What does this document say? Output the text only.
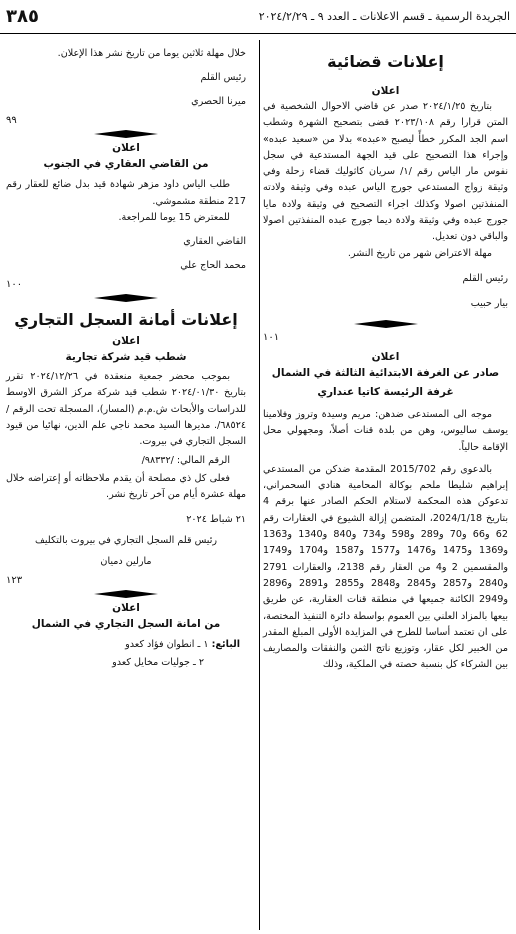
الجريدة الرسمية ـ قسم الاعلانات ـ العدد ٩ ـ ٢٠٢٤/٢/٢٩
٣٨٥
إعلانات قضائية
اعلان

بتاريخ ٢٠٢٤/١/٢٥ صدر عن قاضي الاحوال الشخصية في المتن قرارا رقم ٢٠٢٣/١٠٨ قضى بتصحيح الشهرة وشطب اسم الجد المكرر خطأً ليصبح «عبده» بدلا من «سعيد عبده» وإجراء هذا التصحيح على قيد الجهة المستدعية في سجل نفوس مار الياس رقم /١/ سريان كاثوليك قضاء زحلة وفي وثيقة زواج المستدعي جورج الياس عبده وفي وثيقة ولادته المنفذتين اصولا وكذلك اجراء التصحيح في وثيقة ولادة مايا جورج عبده وفي وثيقة ولادة ديما جورج عبده المنفذتين اصولا والباقي دون تعديل.

مهلة الاعتراض شهر من تاريخ النشر.

رئيس القلم
بيار حبيب
١٠١
اعلان
صادر عن الغرفة الابتدائية الثالثة في الشمال
غرفة الرئيسة كاتيا عنداري

موجه الى المستدعى ضدهن: مريم وسيدة وتروز وفلامينا يوسف ساليوس، وهن من بلدة قنات أصلاً، ومجهولي محل الإقامة حالياً.

بالدعوى رقم 2015/702 المقدمة ضدكن من المستدعي إبراهيم شليطا ملحم بوكالة المحامية هنادي السحمراني، تدعوكن هذه المحكمة لاستلام الحكم الصادر عنها برقم 4 بتاريخ 2024/1/18، المتضمن إزالة الشيوع في العقارات رقم 62 و66 و70 و289 و598 و734 و840 و1340 و1363 و1369 و1475 و1476 و1577 و1587 و1704 و1749 والمقسمين 2 و4 من العقار رقم 2138، والعقارات 2791 و2840 و2857 و2845 و2848 و2855 و2891 و2896 و2949 الكائنة جميعها في منطقة قنات العقارية، عن طريق بيعها بالمزاد العلني بين العموم بواسطة دائرة التنفيذ المختصة، على ان تعتمد أساسا للطرح في المزايدة الأولى المبلغ المقدر من الخبير لكل عقار، وتوزيع ناتج الثمن والنفقات والمصاريف بين الشركاء كل بنسبة حصته في الملكية، وذلك

خلال مهلة ثلاثين يوما من تاريخ نشر هذا الإعلان.

رئيس القلم
ميرنا الحصري
٩٩
اعلان
من القاضي العقاري في الجنوب

طلب الياس داود مزهر شهادة قيد بدل ضائع للعقار رقم 217 منطقة مشموشي.

للمعترض 15 يوما للمراجعة.

القاضي العقاري
محمد الحاج علي
١٠٠
إعلانات أمانة السجل التجاري
اعلان
شطب قيد شركة تجارية

بموجب محضر جمعية منعقدة في ٢٠٢٤/١٢/٢٦ تقرر بتاريخ ٢٠٢٤/٠١/٣٠ شطب قيد شركة مركز الشرق الاوسط للدراسات والأبحاث ش.م.م (المسار)، المسجلة تحت الرقم /٦٨٥٢٤/. مديرها السيد محمد ناجي علم الدين، نهائيا من قيود السجل التجاري في بيروت.

الرقم المالي: /٩٨٣٣٢/

فعلى كل ذي مصلحة أن يقدم ملاحظاته أو إعتراضه خلال مهلة عشرة أيام من آخر تاريخ نشر.

٢١ شباط ٢٠٢٤
رئيس قلم السجل التجاري في بيروت بالتكليف
مارلين دميان
١٢٣
اعلان
من امانة السجل التجاري في الشمال
البائع: ١ ـ انطوان فؤاد كعدو
٢ ـ جوليات مخايل كعدو
